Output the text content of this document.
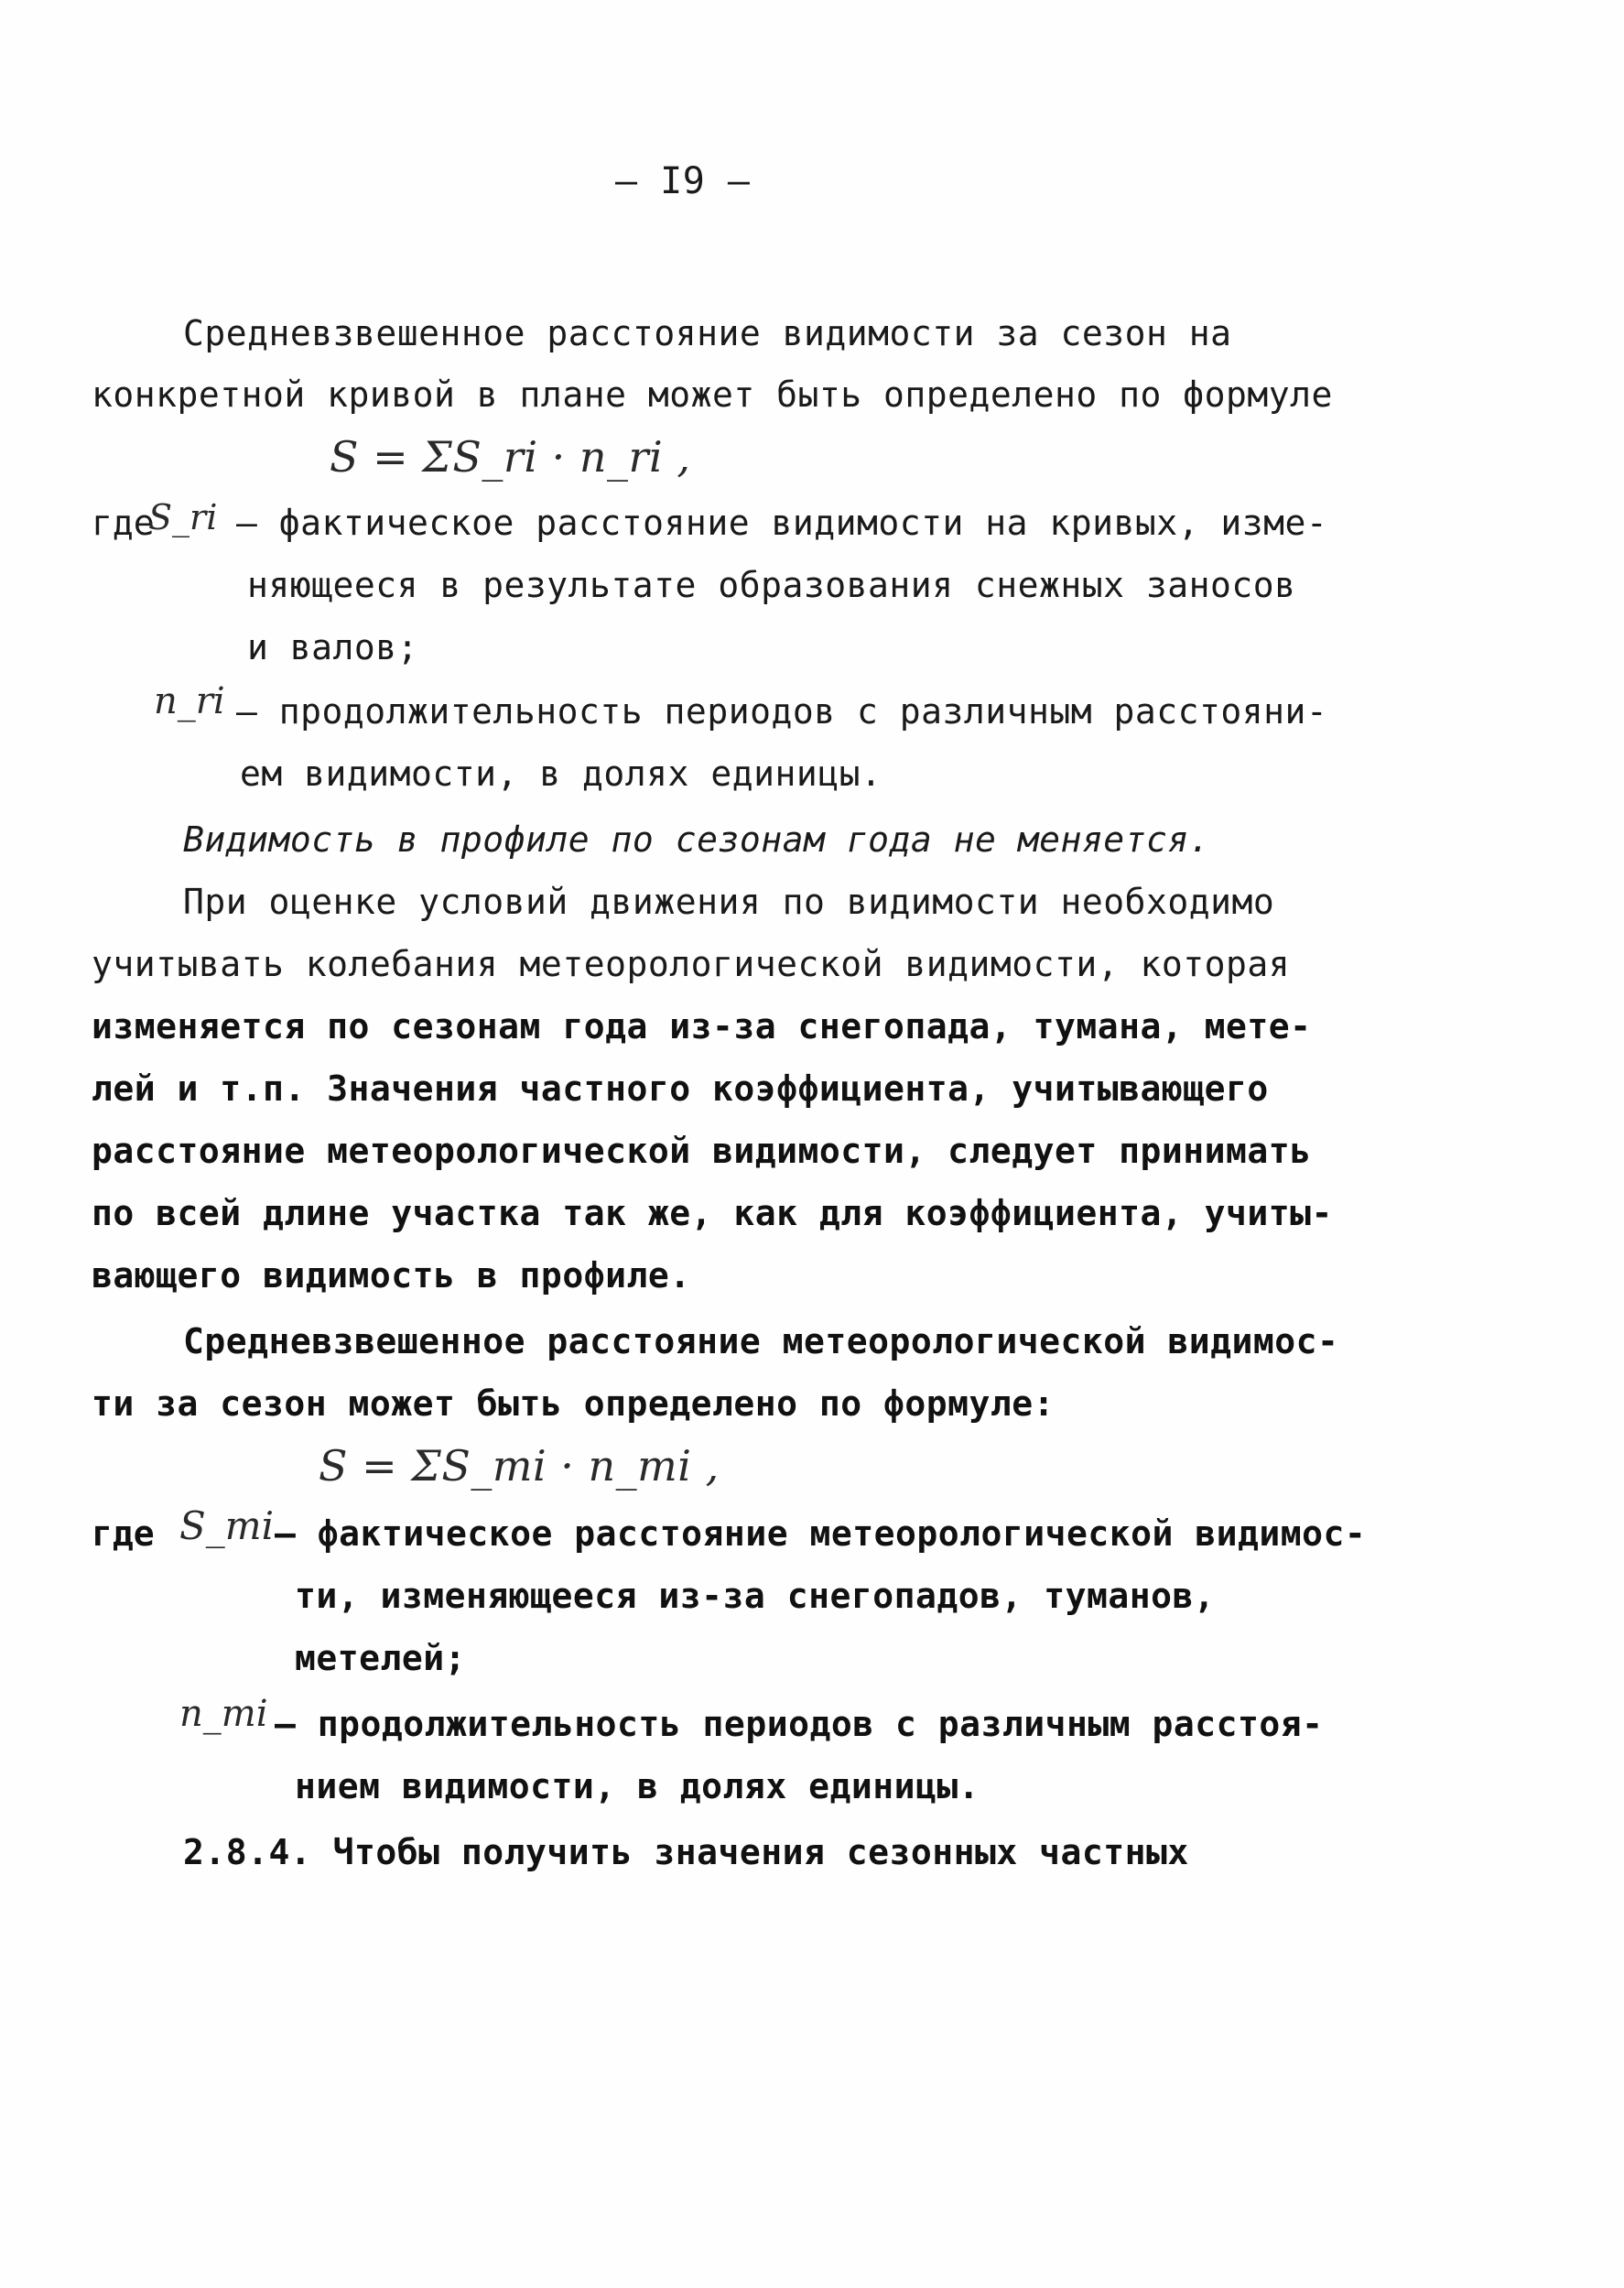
– I9 –
Средневзвешенное расстояние видимости за сезон на
конкретной кривой в плане может быть определено по формуле
S = ΣS_ri · n_ri ,
где
S_ri – фактическое расстояние видимости на кривых, изме-
няющееся в результате образования снежных заносов
и валов;
n_ri – продолжительность периодов с различным расстояни-
ем видимости, в долях единицы.
Видимость в профиле по сезонам года не меняется.
При оценке условий движения по видимости необходимо
учитывать колебания метеорологической видимости, которая
изменяется по сезонам года из-за снегопада, тумана, мете-
лей и т.п. Значения частного коэффициента, учитывающего
расстояние метеорологической видимости, следует принимать
по всей длине участка так же, как для коэффициента, учиты-
вающего видимость в профиле.
Средневзвешенное расстояние метеорологической видимос-
ти за сезон может быть определено по формуле:
S = ΣS_mi · n_mi ,
где S_mi – фактическое расстояние метеорологической видимос-
ти, изменяющееся из-за снегопадов, туманов,
метелей;
n_mi – продолжительность периодов с различным расстоя-
нием видимости, в долях единицы.
2.8.4. Чтобы получить значения сезонных частных
